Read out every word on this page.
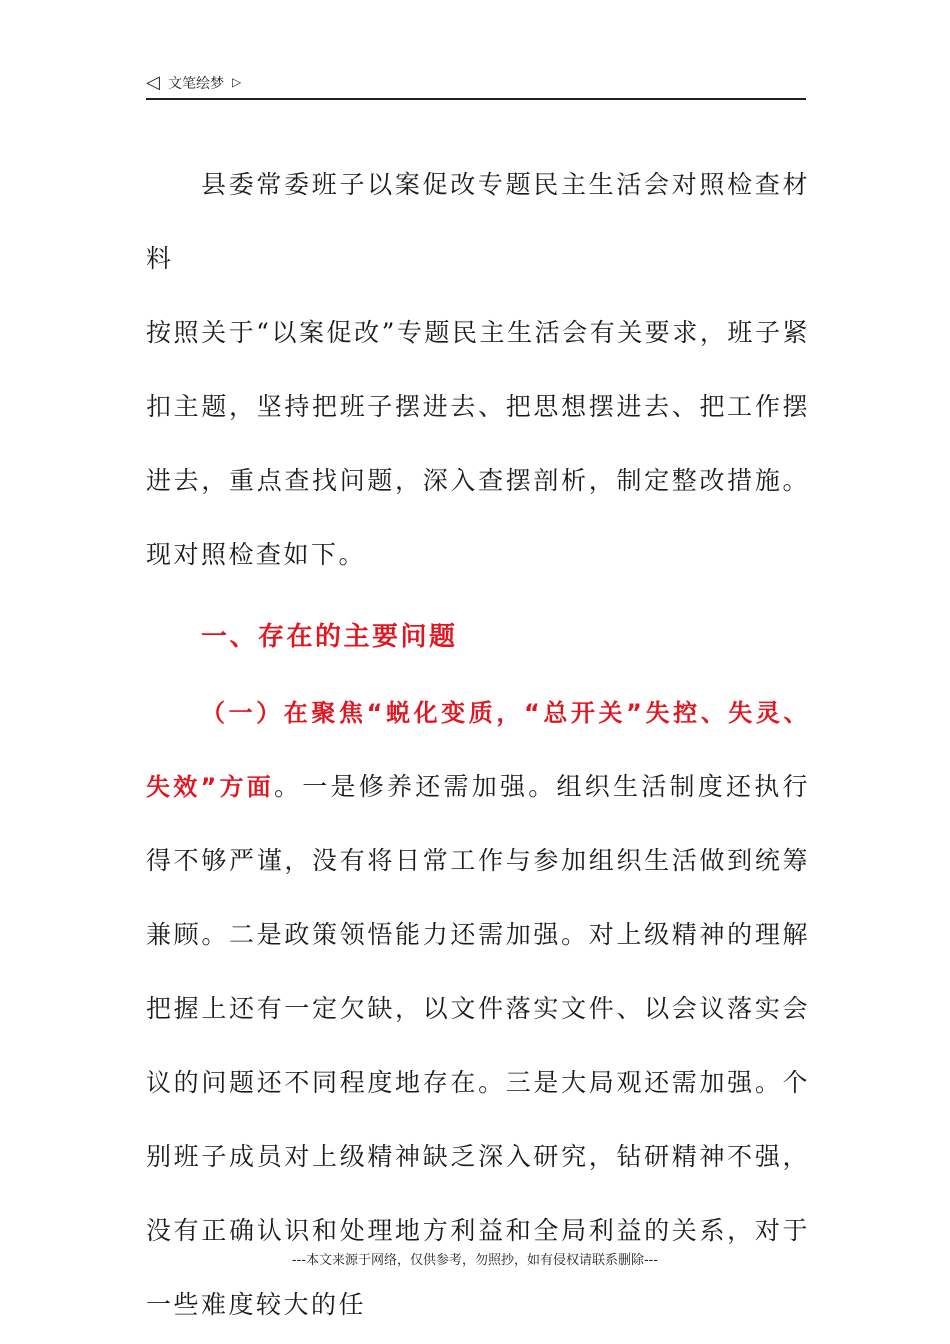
◁ 文笔绘梦 ▷

县委常委班子以案促改专题民主生活会对照检查材料

按照关于“以案促改”专题民主生活会有关要求，班子紧扣主题，坚持把班子摆进去、把思想摆进去、把工作摆进去，重点查找问题，深入查摆剖析，制定整改措施。现对照检查如下。

一、存在的主要问题

（一）在聚焦“蜕化变质，“总开关”失控、失灵、失效”方面。一是修养还需加强。组织生活制度还执行得不够严谨，没有将日常工作与参加组织生活做到统筹兼顾。二是政策领悟能力还需加强。对上级精神的理解把握上还有一定欠缺，以文件落实文件、以会议落实会议的问题还不同程度地存在。三是大局观还需加强。个别班子成员对上级精神缺乏深入研究，钻研精神不强，没有正确认识和处理地方利益和全局利益的关系，对于一些难度较大的任

---本文来源于网络，仅供参考，勿照抄，如有侵权请联系删除---
